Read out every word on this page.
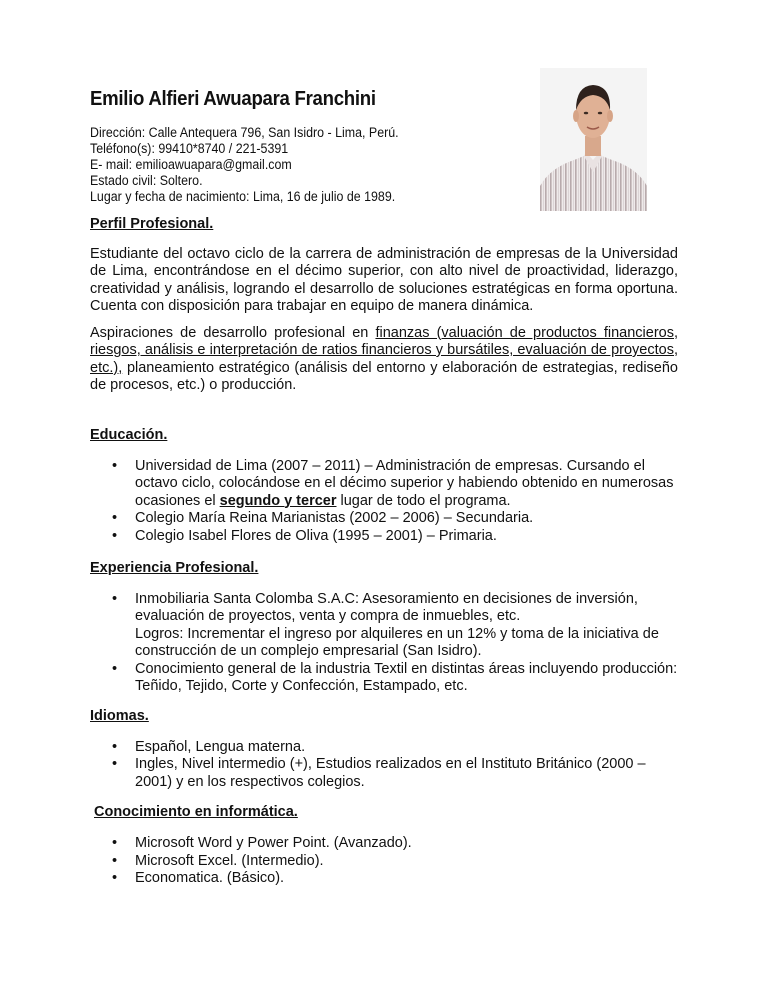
Emilio Alfieri Awuapara Franchini
Dirección: Calle Antequera 796, San Isidro - Lima, Perú.
Teléfono(s): 99410*8740 / 221-5391
E- mail: emilioawuapara@gmail.com
Estado civil: Soltero.
Lugar y fecha de nacimiento: Lima, 16 de julio de 1989.
Perfil Profesional.
Estudiante del octavo ciclo de la carrera de administración de empresas de la Universidad de Lima, encontrándose en el décimo superior, con alto nivel de proactividad, liderazgo, creatividad y análisis, logrando el desarrollo de soluciones estratégicas en forma oportuna. Cuenta con disposición para trabajar en equipo de manera dinámica.
Aspiraciones de desarrollo profesional en finanzas (valuación de productos financieros, riesgos, análisis e interpretación de ratios financieros y bursátiles, evaluación de proyectos, etc.), planeamiento estratégico (análisis del entorno y elaboración de estrategias, rediseño de procesos, etc.) o producción.
Educación.
• Universidad de Lima (2007 – 2011) – Administración de empresas. Cursando el octavo ciclo, colocándose en el décimo superior y habiendo obtenido en numerosas ocasiones el segundo y tercer lugar de todo el programa.
• Colegio María Reina Marianistas (2002 – 2006) – Secundaria.
• Colegio Isabel Flores de Oliva (1995 – 2001) – Primaria.
Experiencia Profesional.
• Inmobiliaria Santa Colomba S.A.C: Asesoramiento en decisiones de inversión, evaluación de proyectos, venta y compra de inmuebles, etc.
Logros: Incrementar el ingreso por alquileres en un 12% y toma de la iniciativa de construcción de un complejo empresarial (San Isidro).
• Conocimiento general de la industria Textil en distintas áreas incluyendo producción: Teñido, Tejido, Corte y Confección, Estampado, etc.
Idiomas.
• Español, Lengua materna.
• Ingles, Nivel intermedio (+), Estudios realizados en el Instituto Británico (2000 – 2001) y en los respectivos colegios.
Conocimiento en informática.
• Microsoft Word y Power Point. (Avanzado).
• Microsoft Excel. (Intermedio).
• Economatica. (Básico).
